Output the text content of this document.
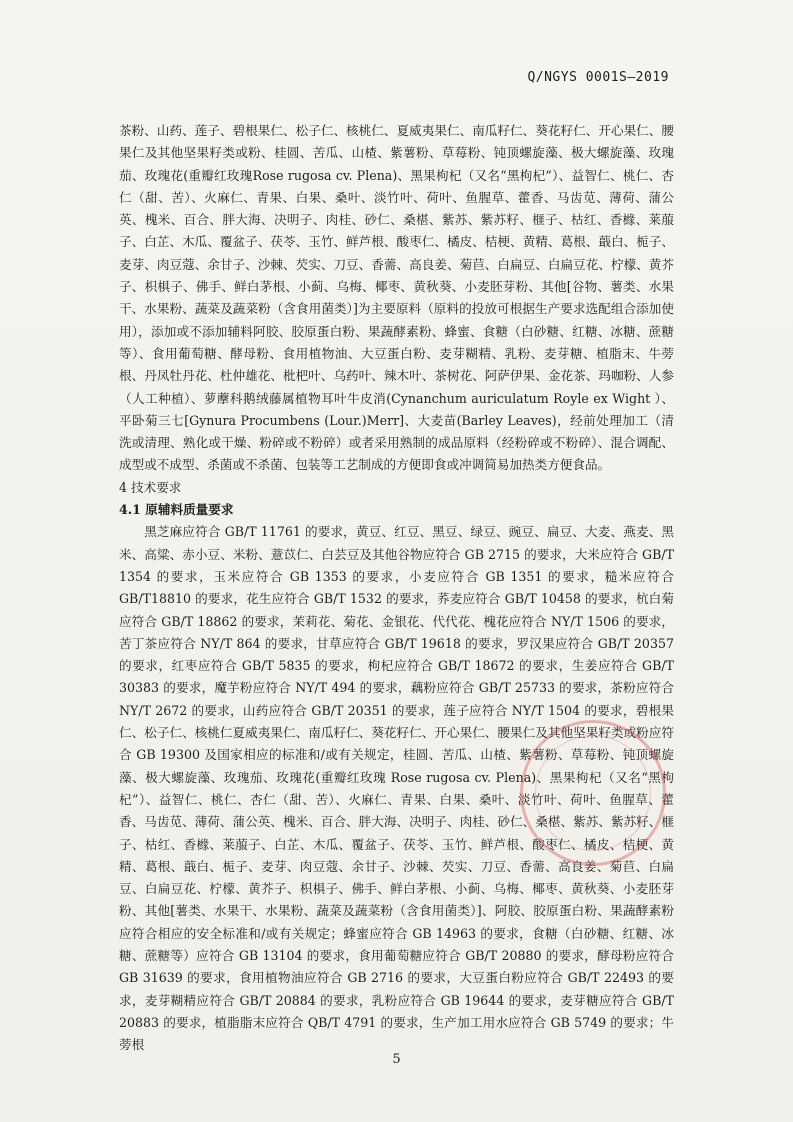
Q/NGYS 0001S—2019

茶粉、山药、莲子、碧根果仁、松子仁、核桃仁、夏威夷果仁、南瓜籽仁、葵花籽仁、开心果仁、腰果仁及其他坚果籽类或粉、桂圆、苦瓜、山楂、紫薯粉、草莓粉、钝顶螺旋藻、极大螺旋藻、玫瑰茄、玫瑰花(重瓣红玫瑰Rose rugosa cv. Plena)、黑果枸杞（又名“黑枸杞”）、益智仁、桃仁、杏仁（甜、苦）、火麻仁、青果、白果、桑叶、淡竹叶、荷叶、鱼腥草、藿香、马齿苋、薄荷、蒲公英、槐米、百合、胖大海、决明子、肉桂、砂仁、桑椹、紫苏、紫苏籽、榧子、枯红、香橼、莱菔子、白芷、木瓜、覆盆子、茯苓、玉竹、鲜芦根、酸枣仁、橘皮、桔梗、黄精、葛根、蕺白、栀子、麦芽、肉豆蔻、余甘子、沙棘、芡实、刀豆、香薷、高良姜、菊苣、白扁豆、白扁豆花、柠檬、黄芥子、枳椇子、佛手、鲜白茅根、小蓟、乌梅、椰枣、黄秋葵、小麦胚芽粉、其他[谷物、薯类、水果干、水果粉、蔬菜及蔬菜粉（含食用菌类）]为主要原料（原料的投放可根据生产要求选配组合添加使用），添加或不添加辅料阿胶、胶原蛋白粉、果蔬酵素粉、蜂蜜、食糖（白砂糖、红糖、冰糖、蔗糖等）、食用葡萄糖、酵母粉、食用植物油、大豆蛋白粉、麦芽糊精、乳粉、麦芽糖、植脂末、牛蒡根、丹凤牡丹花、杜仲雄花、枇杷叶、乌药叶、辣木叶、茶树花、阿萨伊果、金花茶、玛咖粉、人参（人工种植）、萝藦科鹅绒藤属植物耳叶牛皮消(Cynanchum auriculatum Royle ex Wight ）、平卧菊三七[Gynura Procumbens (Lour.)Merr]、大麦苗(Barley Leaves)，经前处理加工（清洗或清理、熟化或干燥、粉碎或不粉碎）或者采用熟制的成品原料（经粉碎或不粉碎）、混合调配、成型或不成型、杀菌或不杀菌、包装等工艺制成的方便即食或冲调简易加热类方便食品。

4 技术要求

4.1 原辅料质量要求

黑芝麻应符合 GB/T 11761 的要求，黄豆、红豆、黑豆、绿豆、豌豆、扁豆、大麦、燕麦、黑米、高粱、赤小豆、米粉、薏苡仁、白芸豆及其他谷物应符合 GB 2715 的要求，大米应符合 GB/T 1354 的要求，玉米应符合 GB 1353 的要求，小麦应符合 GB 1351 的要求，糙米应符合 GB/T18810 的要求，花生应符合 GB/T 1532 的要求，荞麦应符合 GB/T 10458 的要求，杭白菊应符合 GB/T 18862 的要求，茉莉花、菊花、金银花、代代花、槐花应符合 NY/T 1506 的要求，苦丁茶应符合 NY/T 864 的要求，甘草应符合 GB/T 19618 的要求，罗汉果应符合 GB/T 20357 的要求，红枣应符合 GB/T 5835 的要求，枸杞应符合 GB/T 18672 的要求，生姜应符合 GB/T 30383 的要求，魔芋粉应符合 NY/T 494 的要求，藕粉应符合 GB/T 25733 的要求，茶粉应符合 NY/T 2672 的要求，山药应符合 GB/T 20351 的要求，莲子应符合 NY/T 1504 的要求，碧根果仁、松子仁、核桃仁夏威夷果仁、南瓜籽仁、葵花籽仁、开心果仁、腰果仁及其他坚果籽类或粉应符合 GB 19300 及国家相应的标准和/或有关规定，桂圆、苦瓜、山楂、紫薯粉、草莓粉、钝顶螺旋藻、极大螺旋藻、玫瑰茄、玫瑰花(重瓣红玫瑰 Rose rugosa cv. Plena)、黑果枸杞（又名“黑枸杞”）、益智仁、桃仁、杏仁（甜、苦）、火麻仁、青果、白果、桑叶、淡竹叶、荷叶、鱼腥草、藿香、马齿苋、薄荷、蒲公英、槐米、百合、胖大海、决明子、肉桂、砂仁、桑椹、紫苏、紫苏籽、榧子、枯红、香橼、莱菔子、白芷、木瓜、覆盆子、茯苓、玉竹、鲜芦根、酸枣仁、橘皮、桔梗、黄精、葛根、蕺白、栀子、麦芽、肉豆蔻、余甘子、沙棘、芡实、刀豆、香薷、高良姜、菊苣、白扁豆、白扁豆花、柠檬、黄芥子、枳椇子、佛手、鲜白茅根、小蓟、乌梅、椰枣、黄秋葵、小麦胚芽粉、其他[薯类、水果干、水果粉、蔬菜及蔬菜粉（含食用菌类）]、阿胶、胶原蛋白粉、果蔬酵素粉应符合相应的安全标准和/或有关规定；蜂蜜应符合 GB 14963 的要求，食糖（白砂糖、红糖、冰糖、蔗糖等）应符合 GB 13104 的要求，食用葡萄糖应符合 GB/T 20880 的要求，酵母粉应符合 GB 31639 的要求，食用植物油应符合 GB 2716 的要求，大豆蛋白粉应符合 GB/T 22493 的要求，麦芽糊精应符合 GB/T 20884 的要求，乳粉应符合 GB 19644 的要求，麦芽糖应符合 GB/T 20883 的要求，植脂脂末应符合 QB/T 4791 的要求，生产加工用水应符合 GB 5749 的要求；牛蒡根

5
